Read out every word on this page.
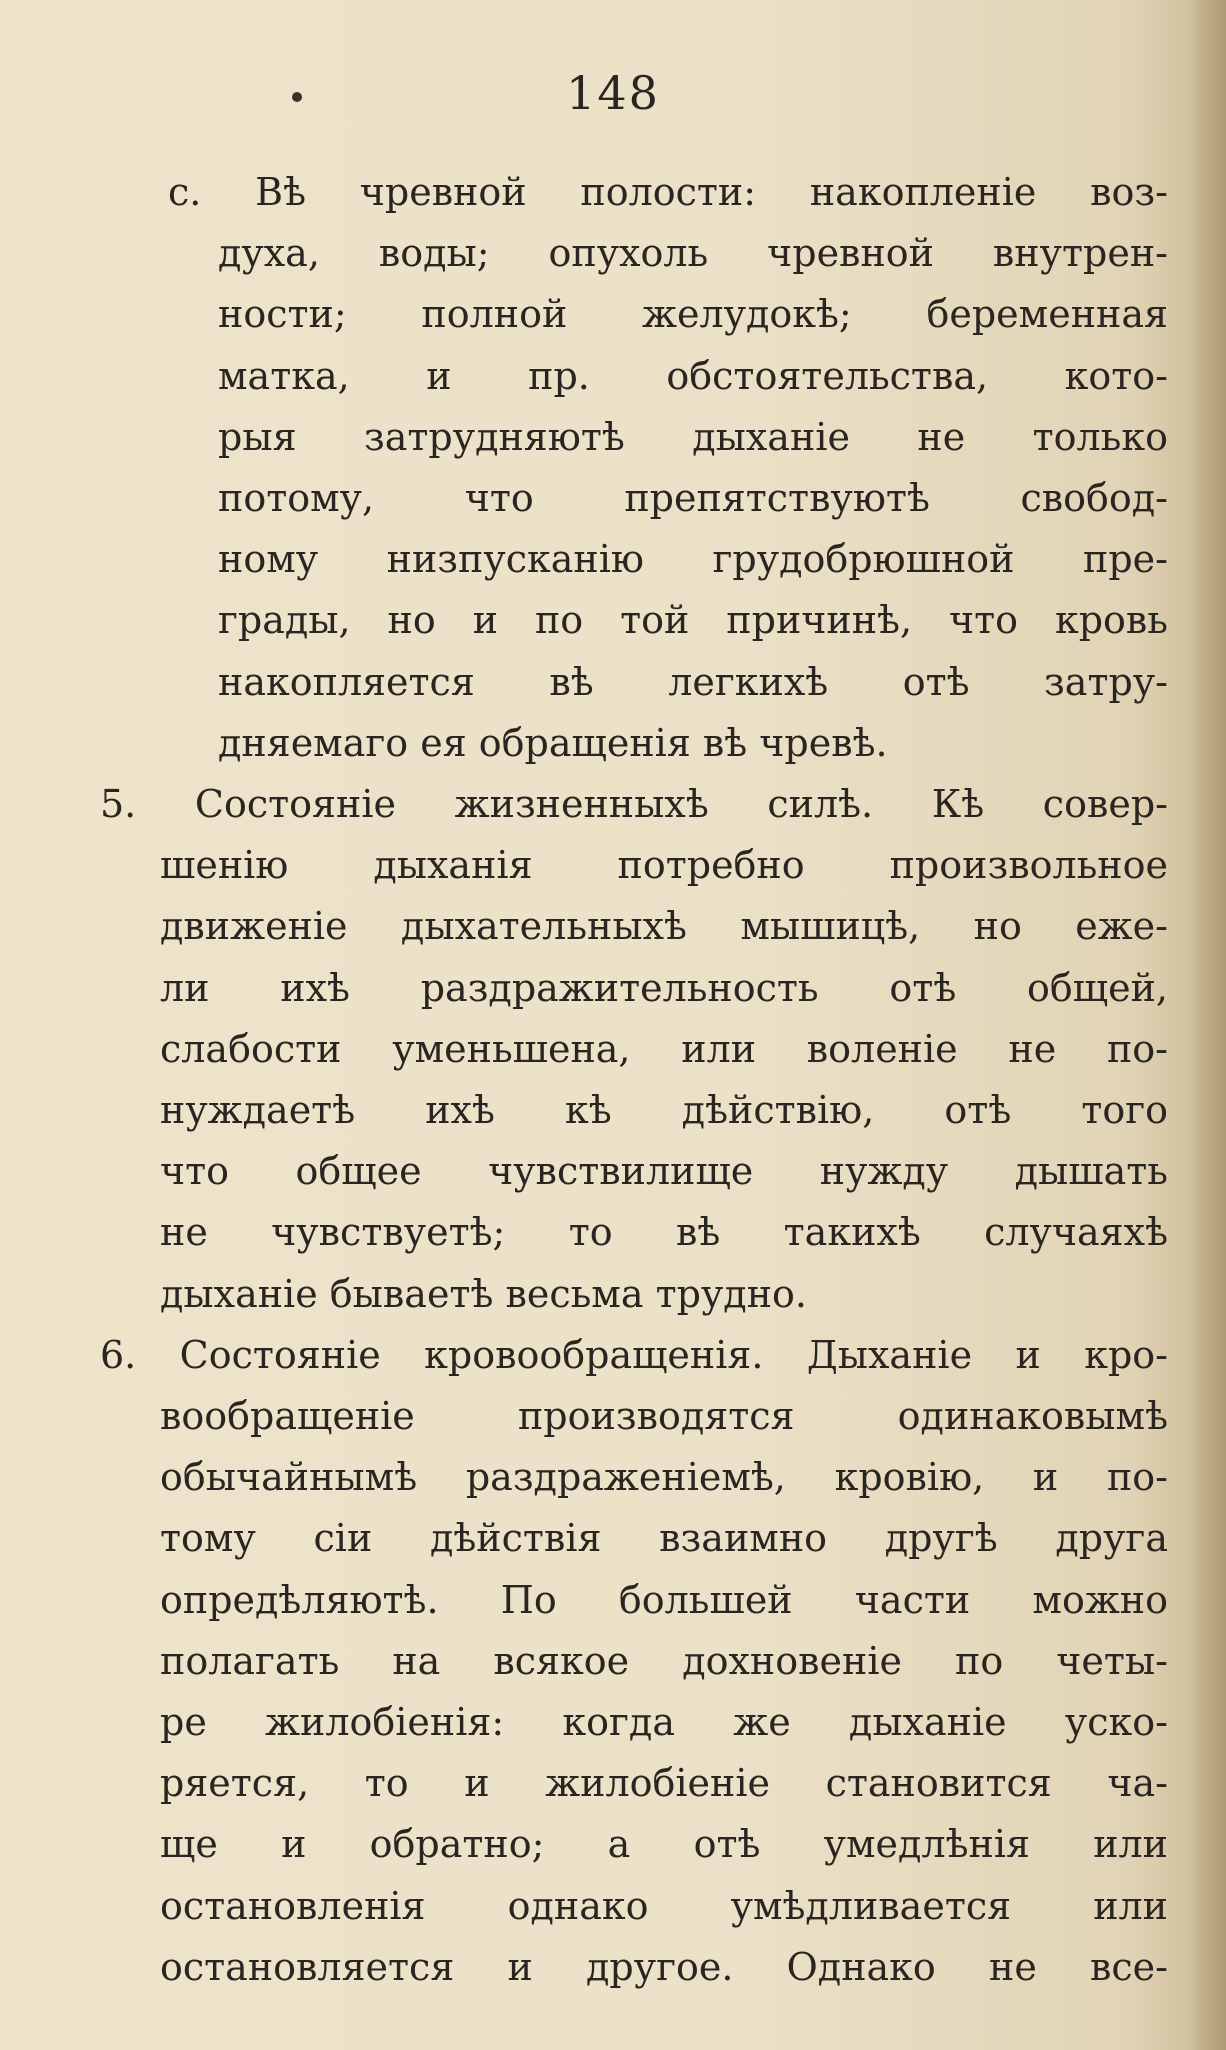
148
с. Вѣ чревной полости: накопленіе воз-
духа, воды; опухоль чревной внутрен-
ности; полной желудокѣ; беременная
матка, и пр. обстоятельства, кото-
рыя затрудняютѣ дыханіе не только
потому, что препятствуютѣ свобод-
ному низпусканію грудобрюшной пре-
грады, но и по той причинѣ, что кровь
накопляется вѣ легкихѣ отѣ затру-
дняемаго ея обращенія вѣ чревѣ.
5. Состояніе жизненныхѣ силѣ. Кѣ совер-
шенію дыханія потребно произвольное
движеніе дыхательныхѣ мышицѣ, но еже-
ли ихѣ раздражительность отѣ общей,
слабости уменьшена, или воленіе не по-
нуждаетѣ ихѣ кѣ дѣйствію, отѣ того
что общее чувствилище нужду дышать
не чувствуетѣ; то вѣ такихѣ случаяхѣ
дыханіе бываетѣ весьма трудно.
6. Состояніе кровообращенія. Дыханіе и кро-
вообращеніе производятся одинаковымѣ
обычайнымѣ раздраженіемѣ, кровію, и по-
тому сіи дѣйствія взаимно другѣ друга
опредѣляютѣ. По большей части можно
полагать на всякое дохновеніе по четы-
ре жилобіенія: когда же дыханіе уско-
ряется, то и жилобіеніе становится ча-
ще и обратно; а отѣ умедлѣнія или
остановленія однако умѣдливается или
остановляется и другое. Однако не все-
